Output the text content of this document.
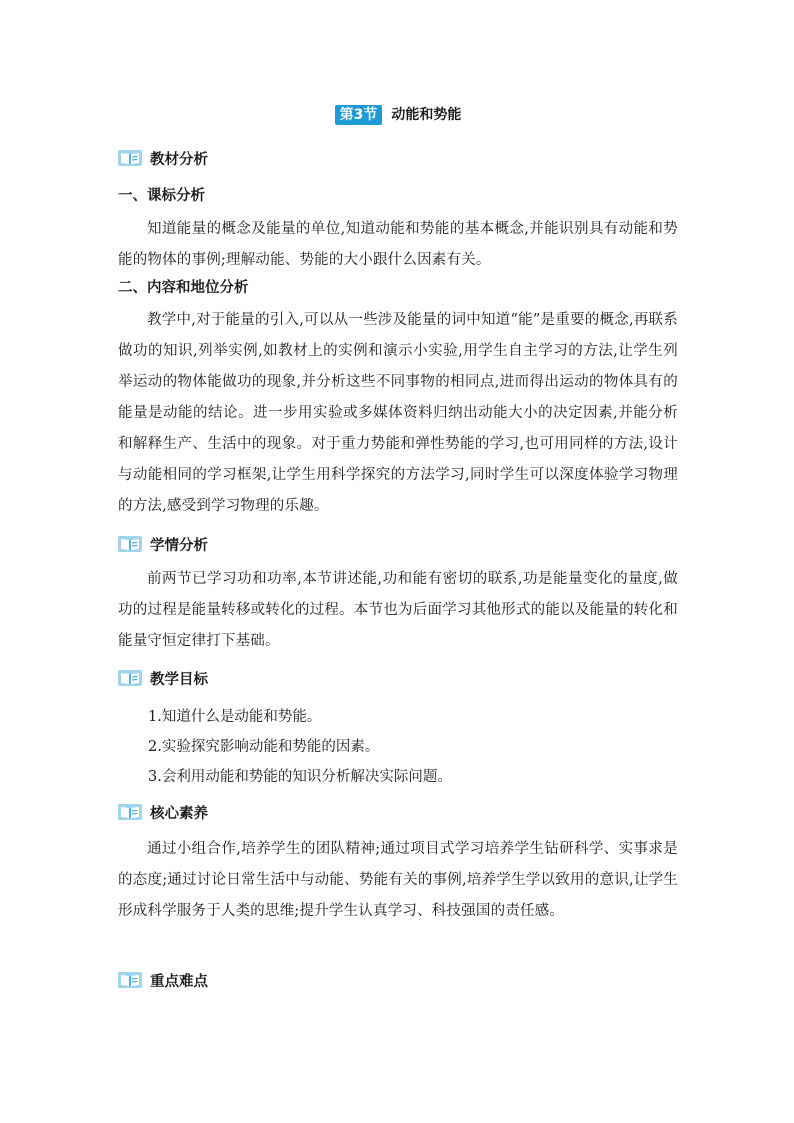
第3节 动能和势能
教材分析
一、课标分析

知道能量的概念及能量的单位,知道动能和势能的基本概念,并能识别具有动能和势能的物体的事例;理解动能、势能的大小跟什么因素有关。

二、内容和地位分析

教学中,对于能量的引入,可以从一些涉及能量的词中知道“能”是重要的概念,再联系做功的知识,列举实例,如教材上的实例和演示小实验,用学生自主学习的方法,让学生列举运动的物体能做功的现象,并分析这些不同事物的相同点,进而得出运动的物体具有的能量是动能的结论。进一步用实验或多媒体资料归纳出动能大小的决定因素,并能分析和解释生产、生活中的现象。对于重力势能和弹性势能的学习,也可用同样的方法,设计与动能相同的学习框架,让学生用科学探究的方法学习,同时学生可以深度体验学习物理的方法,感受到学习物理的乐趣。

学情分析

前两节已学习功和功率,本节讲述能,功和能有密切的联系,功是能量变化的量度,做功的过程是能量转移或转化的过程。本节也为后面学习其他形式的能以及能量的转化和能量守恒定律打下基础。

教学目标
1.知道什么是动能和势能。
2.实验探究影响动能和势能的因素。
3.会利用动能和势能的知识分析解决实际问题。
核心素养

通过小组合作,培养学生的团队精神;通过项目式学习培养学生钻研科学、实事求是的态度;通过讨论日常生活中与动能、势能有关的事例,培养学生学以致用的意识,让学生形成科学服务于人类的思维;提升学生认真学习、科技强国的责任感。

重点难点
